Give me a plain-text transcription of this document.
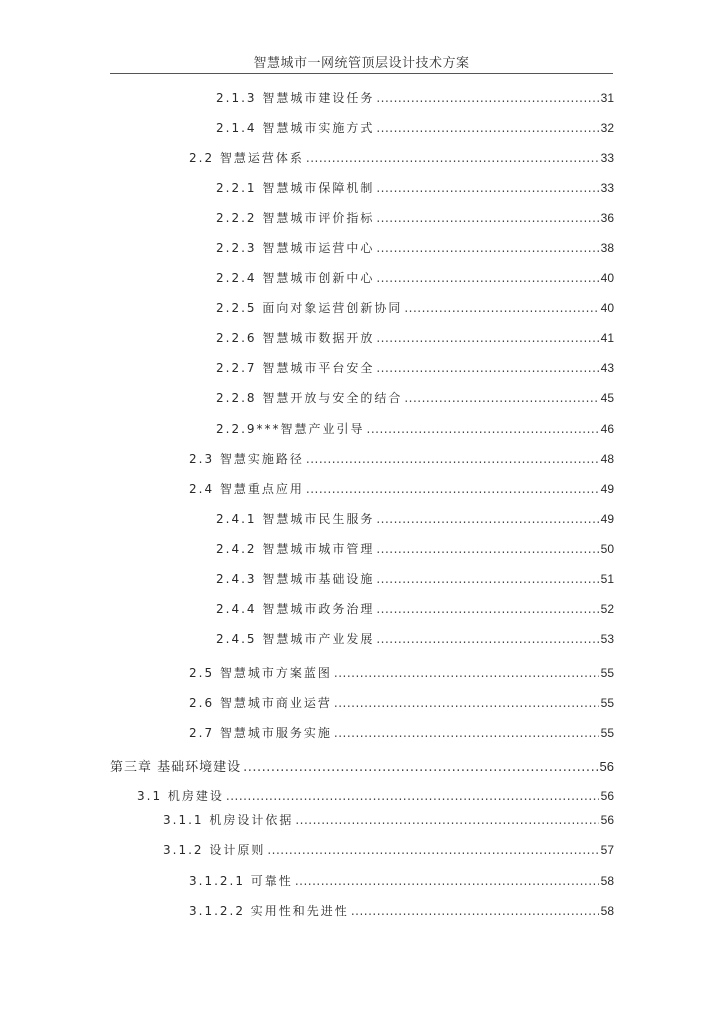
智慧城市一网统管顶层设计技术方案
2.1.3 智慧城市建设任务 .....	31
2.1.4 智慧城市实施方式 .....	32
2.2 智慧运营体系 .....	33
2.2.1 智慧城市保障机制 .....	33
2.2.2 智慧城市评价指标 .....	36
2.2.3 智慧城市运营中心 .....	38
2.2.4 智慧城市创新中心 .....	40
2.2.5 面向对象运营创新协同 .....	40
2.2.6 智慧城市数据开放 .....	41
2.2.7 智慧城市平台安全 .....	43
2.2.8 智慧开放与安全的结合 .....	45
2.2.9***智慧产业引导 .....	46
2.3 智慧实施路径 .....	48
2.4 智慧重点应用 .....	49
2.4.1 智慧城市民生服务 .....	49
2.4.2 智慧城市城市管理 .....	50
2.4.3 智慧城市基础设施 .....	51
2.4.4 智慧城市政务治理 .....	52
2.4.5 智慧城市产业发展 .....	53
2.5 智慧城市方案蓝图 .....	55
2.6 智慧城市商业运营 .....	55
2.7 智慧城市服务实施 .....	55
第三章 基础环境建设 .....	56
3.1 机房建设 .....	56
3.1.1 机房设计依据 .....	56
3.1.2 设计原则 .....	57
3.1.2.1 可靠性 .....	58
3.1.2.2 实用性和先进性 .....	58
